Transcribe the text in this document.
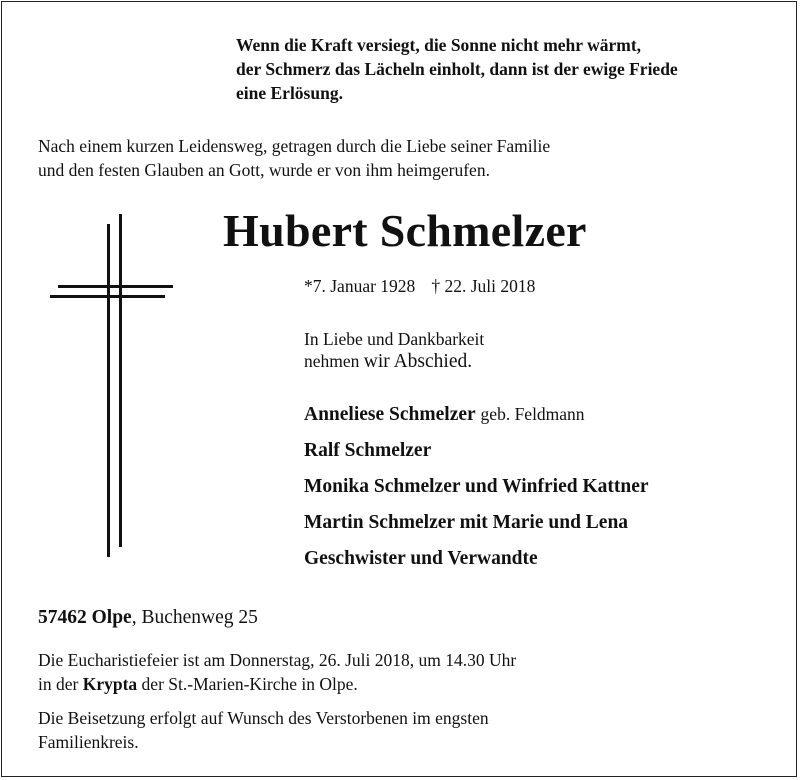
Wenn die Kraft versiegt, die Sonne nicht mehr wärmt,
der Schmerz das Lächeln einholt, dann ist der ewige Friede
eine Erlösung.
Nach einem kurzen Leidensweg, getragen durch die Liebe seiner Familie
und den festen Glauben an Gott, wurde er von ihm heimgerufen.
Hubert Schmelzer
*7. Januar 1928 † 22. Juli 2018
In Liebe und Dankbarkeit
nehmen wir Abschied.
Anneliese Schmelzer geb. Feldmann
Ralf Schmelzer
Monika Schmelzer und Winfried Kattner
Martin Schmelzer mit Marie und Lena
Geschwister und Verwandte
57462 Olpe, Buchenweg 25
Die Eucharistiefeier ist am Donnerstag, 26. Juli 2018, um 14.30 Uhr
in der Krypta der St.-Marien-Kirche in Olpe.
Die Beisetzung erfolgt auf Wunsch des Verstorbenen im engsten
Familienkreis.
